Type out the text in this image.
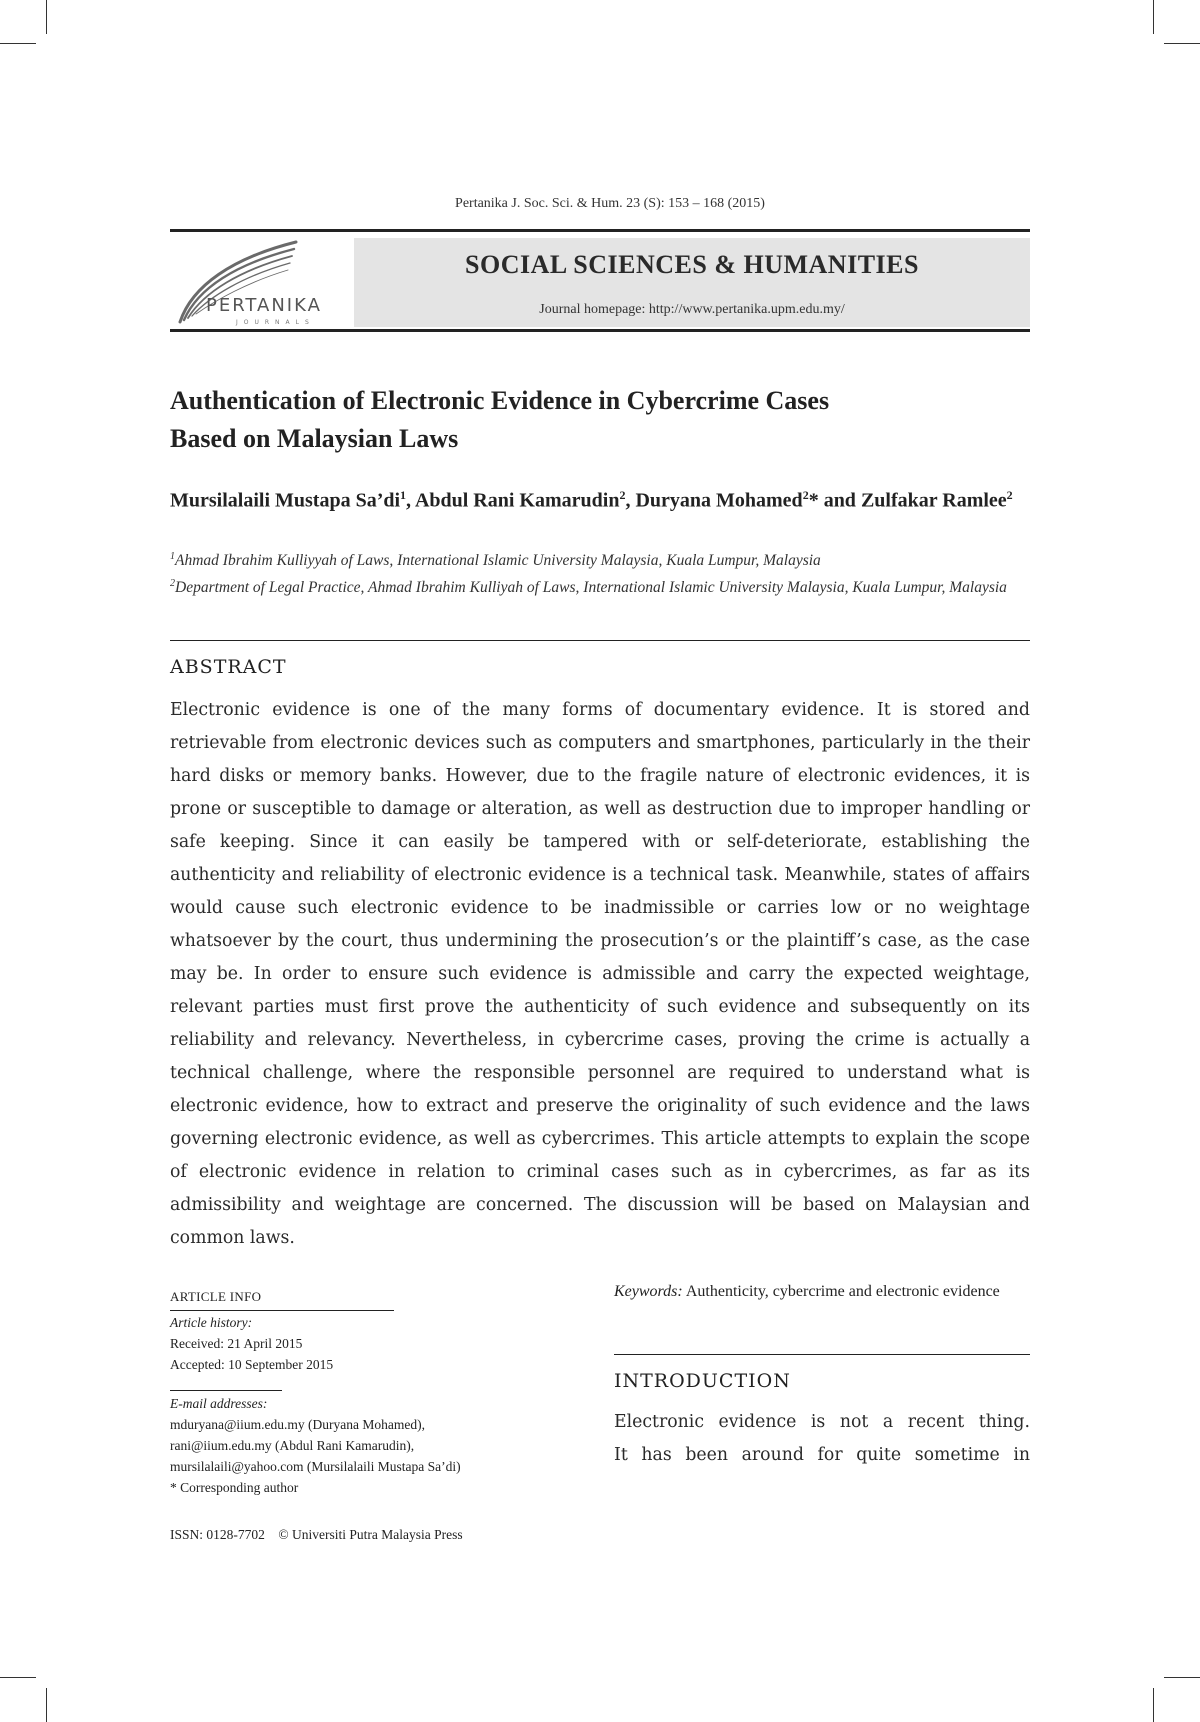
Pertanika J. Soc. Sci. & Hum. 23 (S): 153 – 168 (2015)
PERTANIKA
JOURNALS
SOCIAL SCIENCES & HUMANITIES
Journal homepage: http://www.pertanika.upm.edu.my/
Authentication of Electronic Evidence in Cybercrime Cases
Based on Malaysian Laws
Mursilalaili Mustapa $Sa’di^1$, Abdul Rani Kamarudin$^2$, Duryana Mohamed$^2$* and Zulfakar Ramlee$^2$
$^1$Ahmad Ibrahim Kulliyyah of Laws, International Islamic University Malaysia, Kuala Lumpur, Malaysia
$^2$Department of Legal Practice, Ahmad Ibrahim Kulliyah of Laws, International Islamic University Malaysia, Kuala Lumpur, Malaysia
ABSTRACT
Electronic evidence is one of the many forms of documentary evidence. It is stored and retrievable from electronic devices such as computers and smartphones, particularly in the their hard disks or memory banks. However, due to the fragile nature of electronic evidences, it is prone or susceptible to damage or alteration, as well as destruction due to improper handling or safe keeping. Since it can easily be tampered with or self-deteriorate, establishing the authenticity and reliability of electronic evidence is a technical task. Meanwhile, states of affairs would cause such electronic evidence to be inadmissible or carries low or no weightage whatsoever by the court, thus undermining the prosecution’s or the plaintiff’s case, as the case may be. In order to ensure such evidence is admissible and carry the expected weightage, relevant parties must first prove the authenticity of such evidence and subsequently on its reliability and relevancy. Nevertheless, in cybercrime cases, proving the crime is actually a technical challenge, where the responsible personnel are required to understand what is electronic evidence, how to extract and preserve the originality of such evidence and the laws governing electronic evidence, as well as cybercrimes. This article attempts to explain the scope of electronic evidence in relation to criminal cases such as in cybercrimes, as far as its admissibility and weightage are concerned. The discussion will be based on Malaysian and common laws.
ARTICLE INFO
Article history:
Received: 21 April 2015
Accepted: 10 September 2015
E-mail addresses:
mduryana@iium.edu.my (Duryana Mohamed),
rani@iium.edu.my (Abdul Rani Kamarudin),
mursilalaili@yahoo.com (Mursilalaili Mustapa Sa’di)
* Corresponding author
Keywords: Authenticity, cybercrime and electronic evidence
INTRODUCTION
Electronic evidence is not a recent thing.
It has been around for quite sometime in
ISSN: 0128-7702 © Universiti Putra Malaysia Press
